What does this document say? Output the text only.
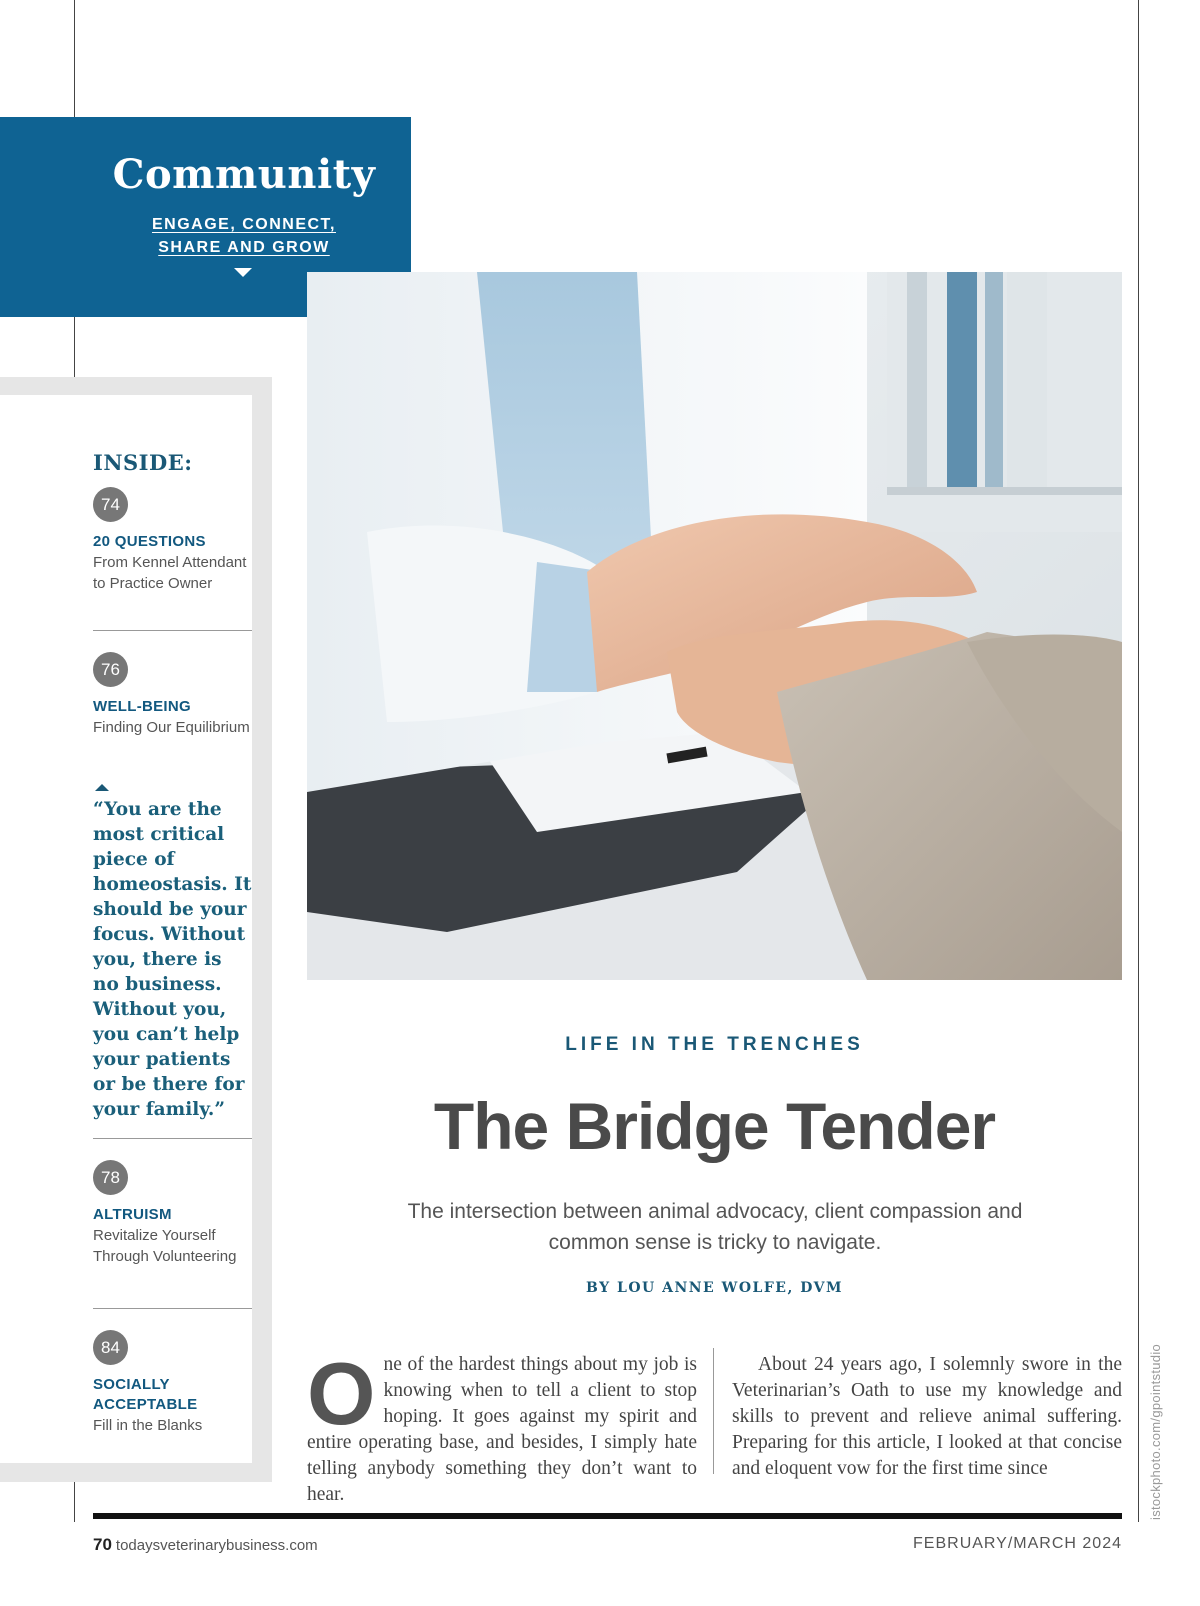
Community
ENGAGE, CONNECT,
SHARE AND GROW
INSIDE:
74
20 QUESTIONS
From Kennel Attendant to Practice Owner
76
WELL-BEING
Finding Our Equilibrium
“You are the most critical piece of homeostasis. It should be your focus. Without you, there is no business. Without you, you can’t help your patients or be there for your family.”
78
ALTRUISM
Revitalize Yourself Through Volunteering
84
SOCIALLY ACCEPTABLE
Fill in the Blanks
LIFE IN THE TRENCHES
The Bridge Tender
The intersection between animal advocacy, client compassion and common sense is tricky to navigate.
BY LOU ANNE WOLFE, DVM
O ne of the hardest things about my job is knowing when to tell a client to stop hoping. It goes against my spirit and entire operating base, and besides, I simply hate telling anybody something they don’t want to hear.
About 24 years ago, I solemnly swore in the Veterinarian’s Oath to use my knowledge and skills to prevent and relieve animal suffering. Preparing for this article, I looked at that concise and eloquent vow for the first time since	istockphoto.com/gpointstudio
70 todaysveterinarybusiness.com	FEBRUARY/MARCH 2024
